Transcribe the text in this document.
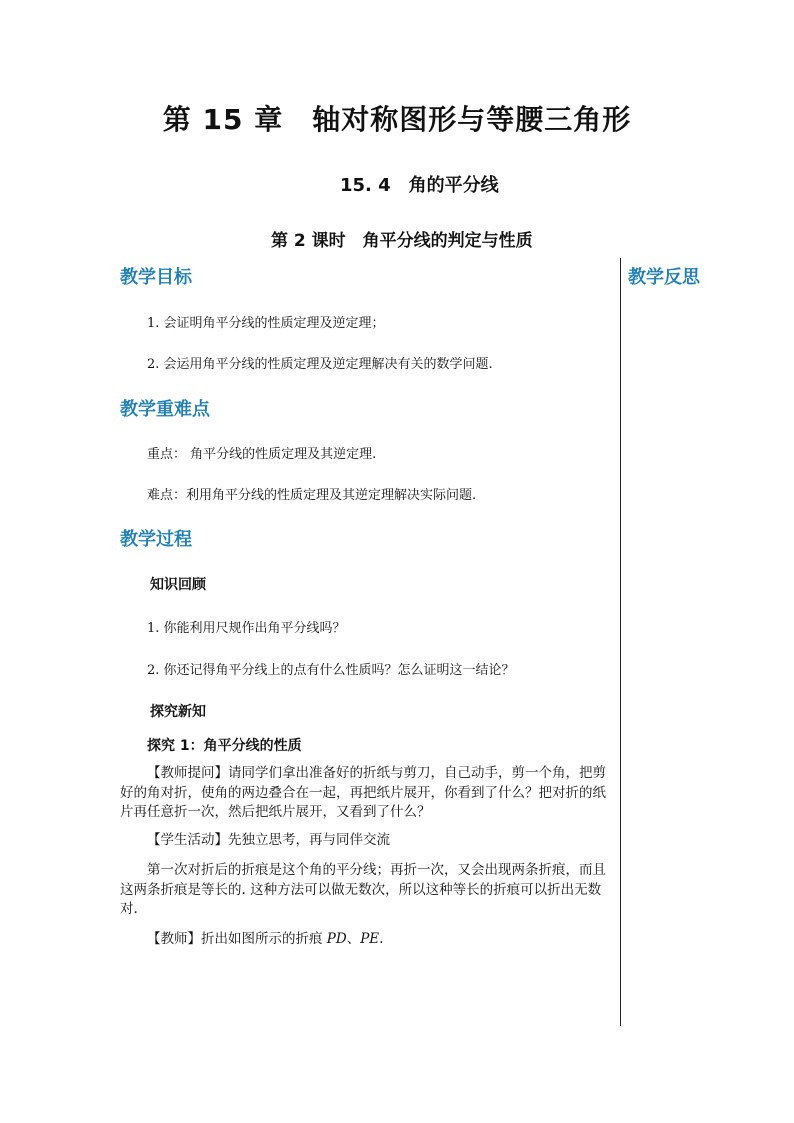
第 15 章　轴对称图形与等腰三角形
15. 4　角的平分线
第 2 课时　角平分线的判定与性质
教学目标	教学反思
1. 会证明角平分线的性质定理及逆定理；
2. 会运用角平分线的性质定理及逆定理解决有关的数学问题.
教学重难点
重点： 角平分线的性质定理及其逆定理.
难点：利用角平分线的性质定理及其逆定理解决实际问题.
教学过程
知识回顾
1. 你能利用尺规作出角平分线吗？
2. 你还记得角平分线上的点有什么性质吗？怎么证明这一结论？
探究新知
探究 1：角平分线的性质
【教师提问】请同学们拿出准备好的折纸与剪刀，自己动手，剪一个角，把剪好的角对折，使角的两边叠合在一起，再把纸片展开，你看到了什么？把对折的纸片再任意折一次，然后把纸片展开，又看到了什么？
【学生活动】先独立思考，再与同伴交流
第一次对折后的折痕是这个角的平分线；再折一次，又会出现两条折痕，而且这两条折痕是等长的. 这种方法可以做无数次，所以这种等长的折痕可以折出无数对.
【教师】折出如图所示的折痕 PD、PE.
